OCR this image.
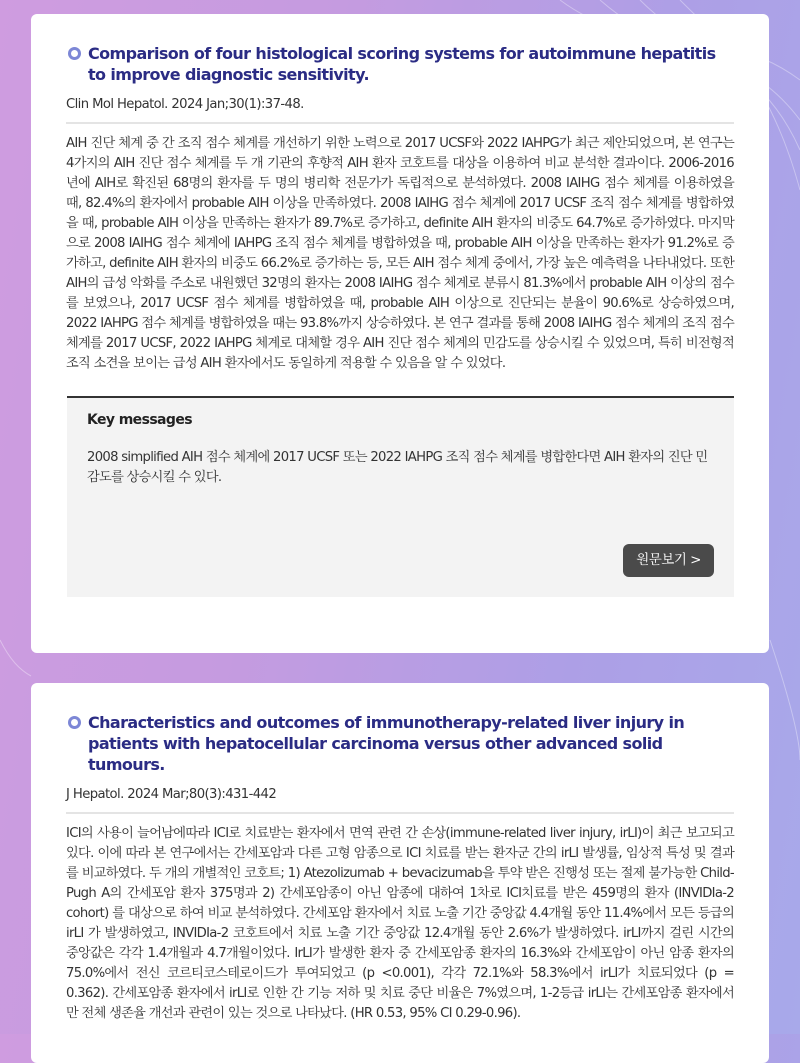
Comparison of four histological scoring systems for autoimmune hepatitis to improve diagnostic sensitivity.
Clin Mol Hepatol. 2024 Jan;30(1):37-48.
AIH 진단 체계 중 간 조직 점수 체계를 개선하기 위한 노력으로 2017 UCSF와 2022 IAHPG가 최근 제안되었으며, 본 연구는 4가지의 AIH 진단 점수 체계를 두 개 기관의 후향적 AIH 환자 코호트를 대상을 이용하여 비교 분석한 결과이다. 2006-2016년에 AIH로 확진된 68명의 환자를 두 명의 병리학 전문가가 독립적으로 분석하였다. 2008 IAIHG 점수 체계를 이용하였을 때, 82.4%의 환자에서 probable AIH 이상을 만족하였다. 2008 IAIHG 점수 체계에 2017 UCSF 조직 점수 체계를 병합하였을 때, probable AIH 이상을 만족하는 환자가 89.7%로 증가하고, definite AIH 환자의 비중도 64.7%로 증가하였다. 마지막으로 2008 IAIHG 점수 체계에 IAHPG 조직 점수 체계를 병합하였을 때, probable AIH 이상을 만족하는 환자가 91.2%로 증가하고, definite AIH 환자의 비중도 66.2%로 증가하는 등, 모든 AIH 점수 체계 중에서, 가장 높은 예측력을 나타내었다. 또한 AIH의 급성 악화를 주소로 내원했던 32명의 환자는 2008 IAIHG 점수 체계로 분류시 81.3%에서 probable AIH 이상의 점수를 보였으나, 2017 UCSF 점수 체계를 병합하였을 때, probable AIH 이상으로 진단되는 분율이 90.6%로 상승하였으며, 2022 IAHPG 점수 체계를 병합하였을 때는 93.8%까지 상승하였다. 본 연구 결과를 통해 2008 IAIHG 점수 체계의 조직 점수 체계를 2017 UCSF, 2022 IAHPG 체계로 대체할 경우 AIH 진단 점수 체계의 민감도를 상승시킬 수 있었으며, 특히 비전형적 조직 소견을 보이는 급성 AIH 환자에서도 동일하게 적용할 수 있음을 알 수 있었다.
Key messages
2008 simplified AIH 점수 체계에 2017 UCSF 또는 2022 IAHPG 조직 점수 체계를 병합한다면 AIH 환자의 진단 민감도를 상승시킬 수 있다.
원문보기 >
Characteristics and outcomes of immunotherapy-related liver injury in patients with hepatocellular carcinoma versus other advanced solid tumours.
J Hepatol. 2024 Mar;80(3):431-442
ICI의 사용이 늘어남에따라 ICI로 치료받는 환자에서 면역 관련 간 손상(immune-related liver injury, irLI)이 최근 보고되고 있다. 이에 따라 본 연구에서는 간세포암과 다른 고형 암종으로 ICI 치료를 받는 환자군 간의 irLI 발생률, 임상적 특성 및 결과를 비교하였다. 두 개의 개별적인 코호트; 1) Atezolizumab + bevacizumab을 투약 받은 진행성 또는 절제 불가능한 Child-Pugh A의 간세포암 환자 375명과 2) 간세포암종이 아닌 암종에 대하여 1차로 ICI치료를 받은 459명의 환자 (INVIDIa-2 cohort) 를 대상으로 하여 비교 분석하였다. 간세포암 환자에서 치료 노출 기간 중앙값 4.4개월 동안 11.4%에서 모든 등급의 irLI 가 발생하였고, INVIDIa-2 코호트에서 치료 노출 기간 중앙값 12.4개월 동안 2.6%가 발생하였다. irLI까지 걸린 시간의 중앙값은 각각 1.4개월과 4.7개월이었다. IrLI가 발생한 환자 중 간세포암종 환자의 16.3%와 간세포암이 아닌 암종 환자의 75.0%에서 전신 코르티코스테로이드가 투여되었고 (p <0.001), 각각 72.1%와 58.3%에서 irLI가 치료되었다 (p = 0.362). 간세포암종 환자에서 irLI로 인한 간 기능 저하 및 치료 중단 비율은 7%였으며, 1-2등급 irLI는 간세포암종 환자에서만 전체 생존율 개선과 관련이 있는 것으로 나타났다. (HR 0.53, 95% CI 0.29-0.96).
